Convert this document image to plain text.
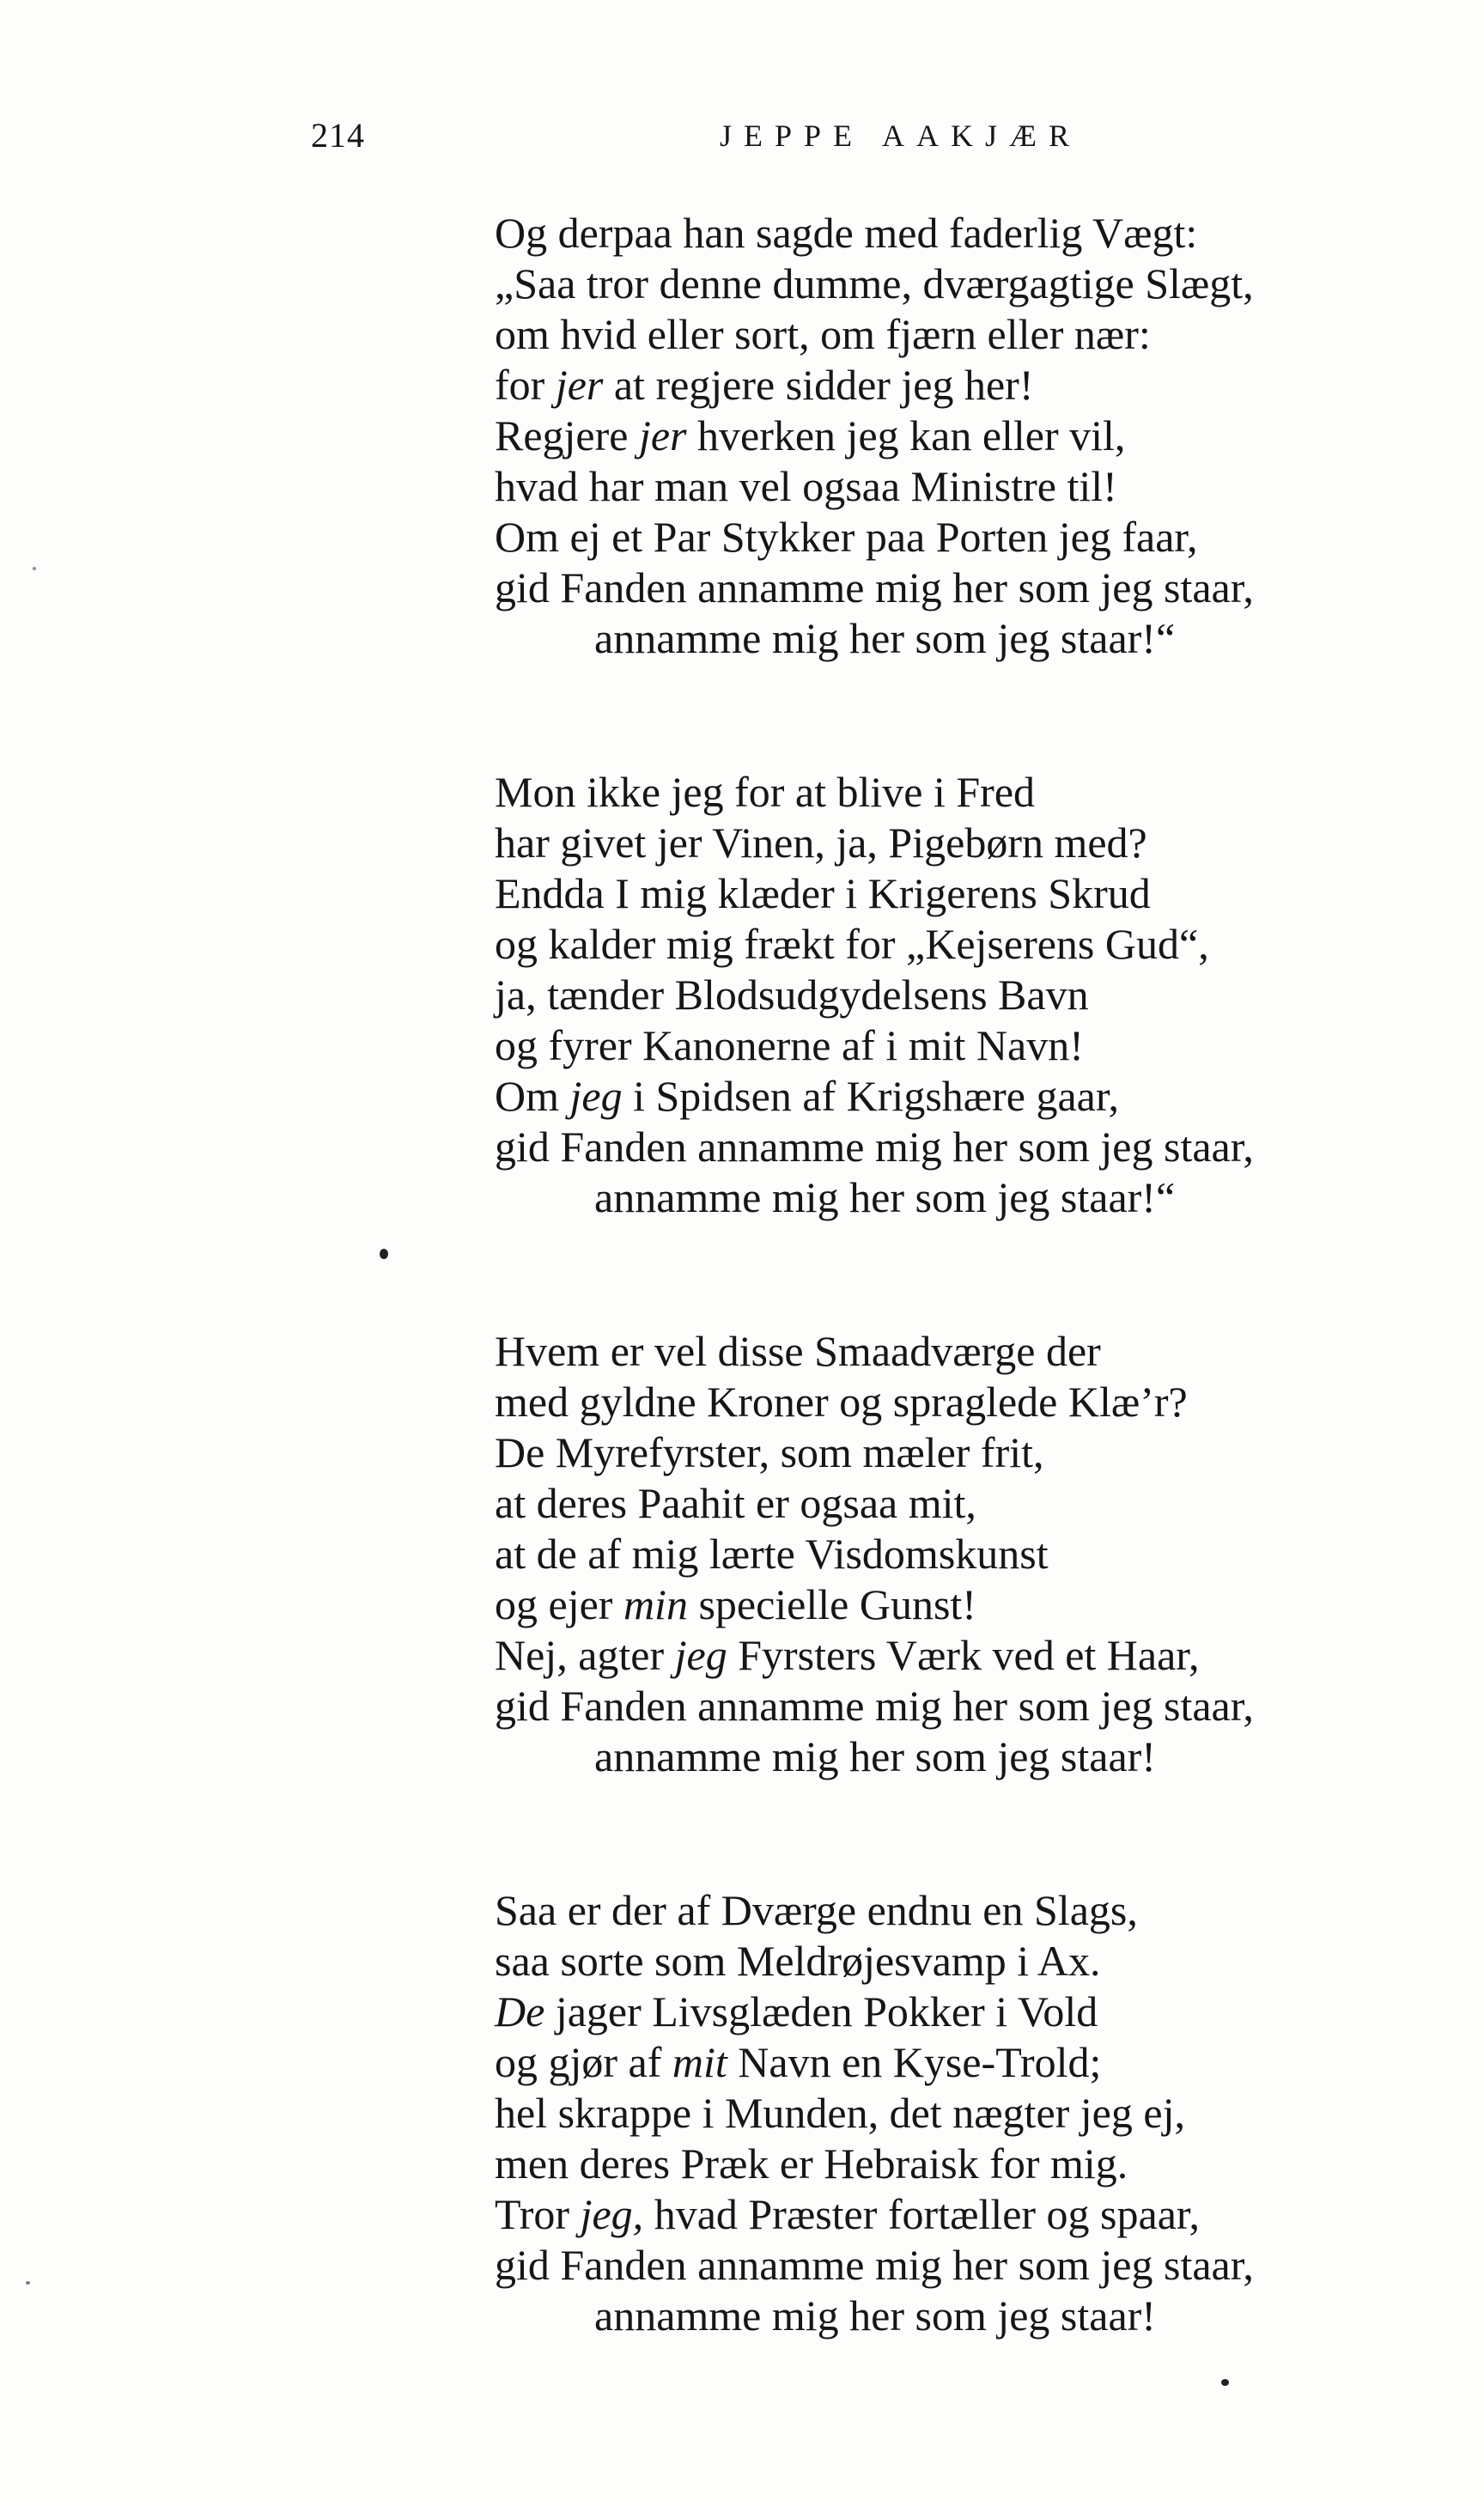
214	JEPPE AAKJÆR
Og derpaa han sagde med faderlig Vægt:
„Saa tror denne dumme, dværgagtige Slægt,
om hvid eller sort, om fjærn eller nær:
for jer at regjere sidder jeg her!
Regjere jer hverken jeg kan eller vil,
hvad har man vel ogsaa Ministre til!
Om ej et Par Stykker paa Porten jeg faar,
gid Fanden annamme mig her som jeg staar,
annamme mig her som jeg staar!“
Mon ikke jeg for at blive i Fred
har givet jer Vinen, ja, Pigebørn med?
Endda I mig klæder i Krigerens Skrud
og kalder mig frækt for „Kejserens Gud“,
ja, tænder Blodsudgydelsens Bavn
og fyrer Kanonerne af i mit Navn!
Om jeg i Spidsen af Krigshære gaar,
gid Fanden annamme mig her som jeg staar,
annamme mig her som jeg staar!“
Hvem er vel disse Smaadværge der
med gyldne Kroner og spraglede Klæ’r?
De Myrefyrster, som mæler frit,
at deres Paahit er ogsaa mit,
at de af mig lærte Visdomskunst
og ejer min specielle Gunst!
Nej, agter jeg Fyrsters Værk ved et Haar,
gid Fanden annamme mig her som jeg staar,
annamme mig her som jeg staar!
Saa er der af Dværge endnu en Slags,
saa sorte som Meldrøjesvamp i Ax.
De jager Livsglæden Pokker i Vold
og gjør af mit Navn en Kyse-Trold;
hel skrappe i Munden, det nægter jeg ej,
men deres Præk er Hebraisk for mig.
Tror jeg, hvad Præster fortæller og spaar,
gid Fanden annamme mig her som jeg staar,
annamme mig her som jeg staar!
